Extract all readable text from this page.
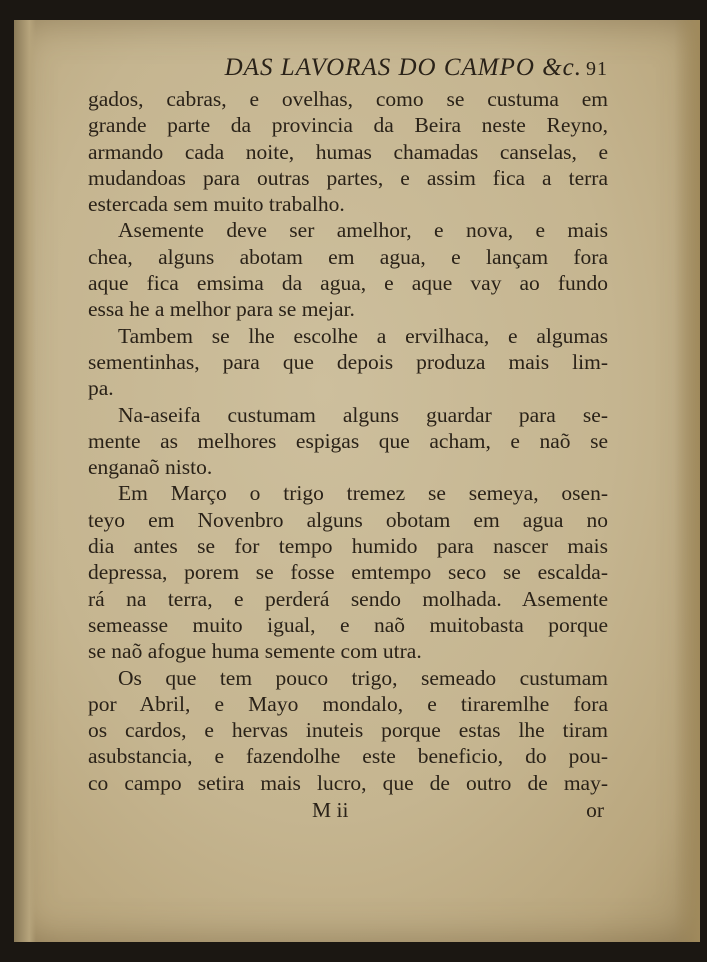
DAS LAVORAS DO CAMPO &c. 91
gados, cabras, e ovelhas, como se custuma em
grande parte da provincia da Beira neste Reyno,
armando cada noite, humas chamadas canselas, e
mudandoas para outras partes, e assim fica a terra
estercada sem muito trabalho.
Asemente deve ser amelhor, e nova, e mais
chea, alguns abotam em agua, e lançam fora
aque fica emsima da agua, e aque vay ao fundo
essa he a melhor para se mejar.
Tambem se lhe escolhe a ervilhaca, e algumas
sementinhas, para que depois produza mais lim-
pa.
Na-aseifa custumam alguns guardar para se-
mente as melhores espigas que acham, e naõ se
enganaõ nisto.
Em Março o trigo tremez se semeya, osen-
teyo em Novenbro alguns obotam em agua no
dia antes se for tempo humido para nascer mais
depressa, porem se fosse emtempo seco se escalda-
rá na terra, e perderá sendo molhada. Asemente
semeasse muito igual, e naõ muitobasta porque
se naõ afogue huma semente com utra.
Os que tem pouco trigo, semeado custumam
por Abril, e Mayo mondalo, e tiraremlhe fora
os cardos, e hervas inuteis porque estas lhe tiram
asubstancia, e fazendolhe este beneficio, do pou-
co campo setira mais lucro, que de outro de may-
M ii	or
